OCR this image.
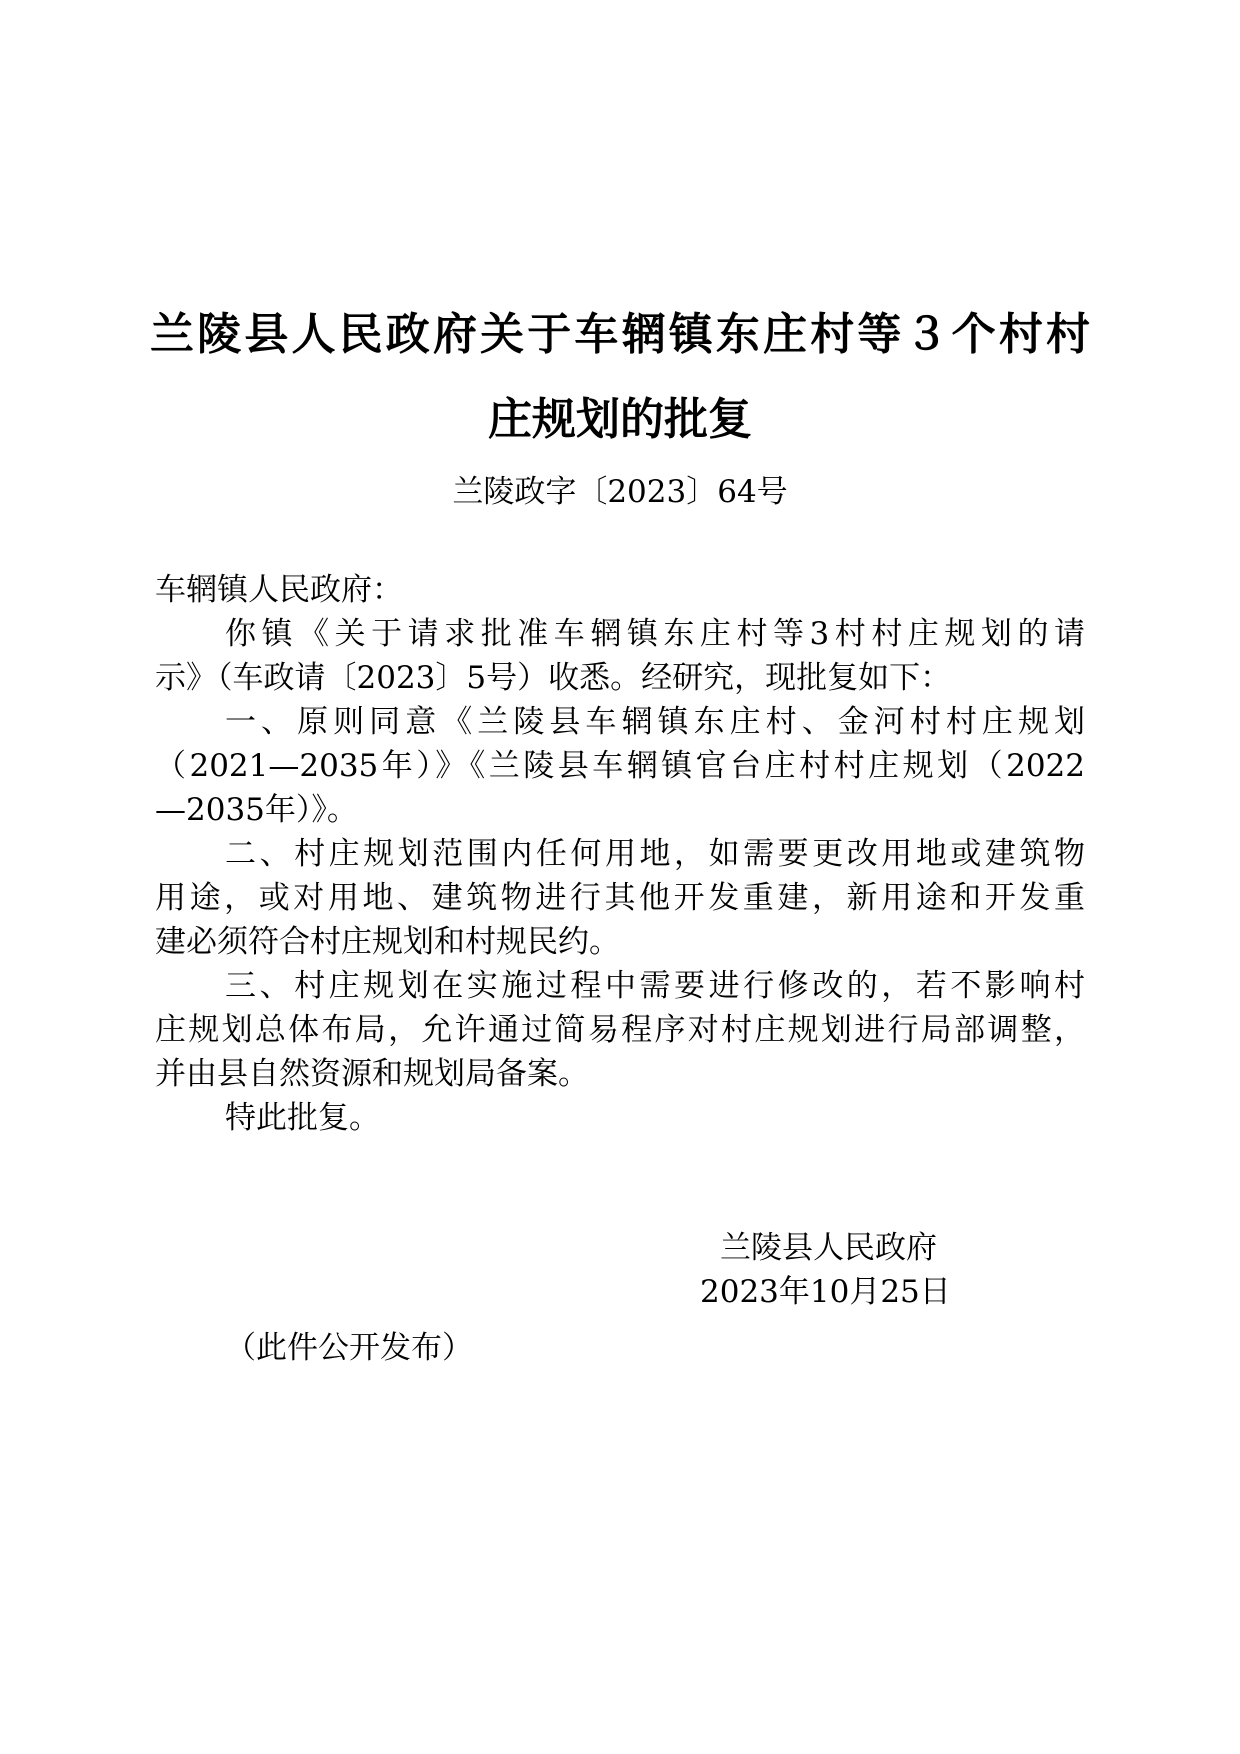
兰陵县人民政府关于车辋镇东庄村等３个村村
庄规划的批复
兰陵政字〔2023〕64号
车辋镇人民政府：
你镇《关于请求批准车辋镇东庄村等3村村庄规划的请
示》（车政请〔2023〕5号）收悉。经研究，现批复如下：
一、原则同意《兰陵县车辋镇东庄村、金河村村庄规划
（2021—2035年）》《兰陵县车辋镇官台庄村村庄规划（2022
—2035年）》。
二、村庄规划范围内任何用地，如需要更改用地或建筑物
用途，或对用地、建筑物进行其他开发重建，新用途和开发重
建必须符合村庄规划和村规民约。
三、村庄规划在实施过程中需要进行修改的，若不影响村
庄规划总体布局，允许通过简易程序对村庄规划进行局部调整，
并由县自然资源和规划局备案。
特此批复。
兰陵县人民政府
2023年10月25日
（此件公开发布）
